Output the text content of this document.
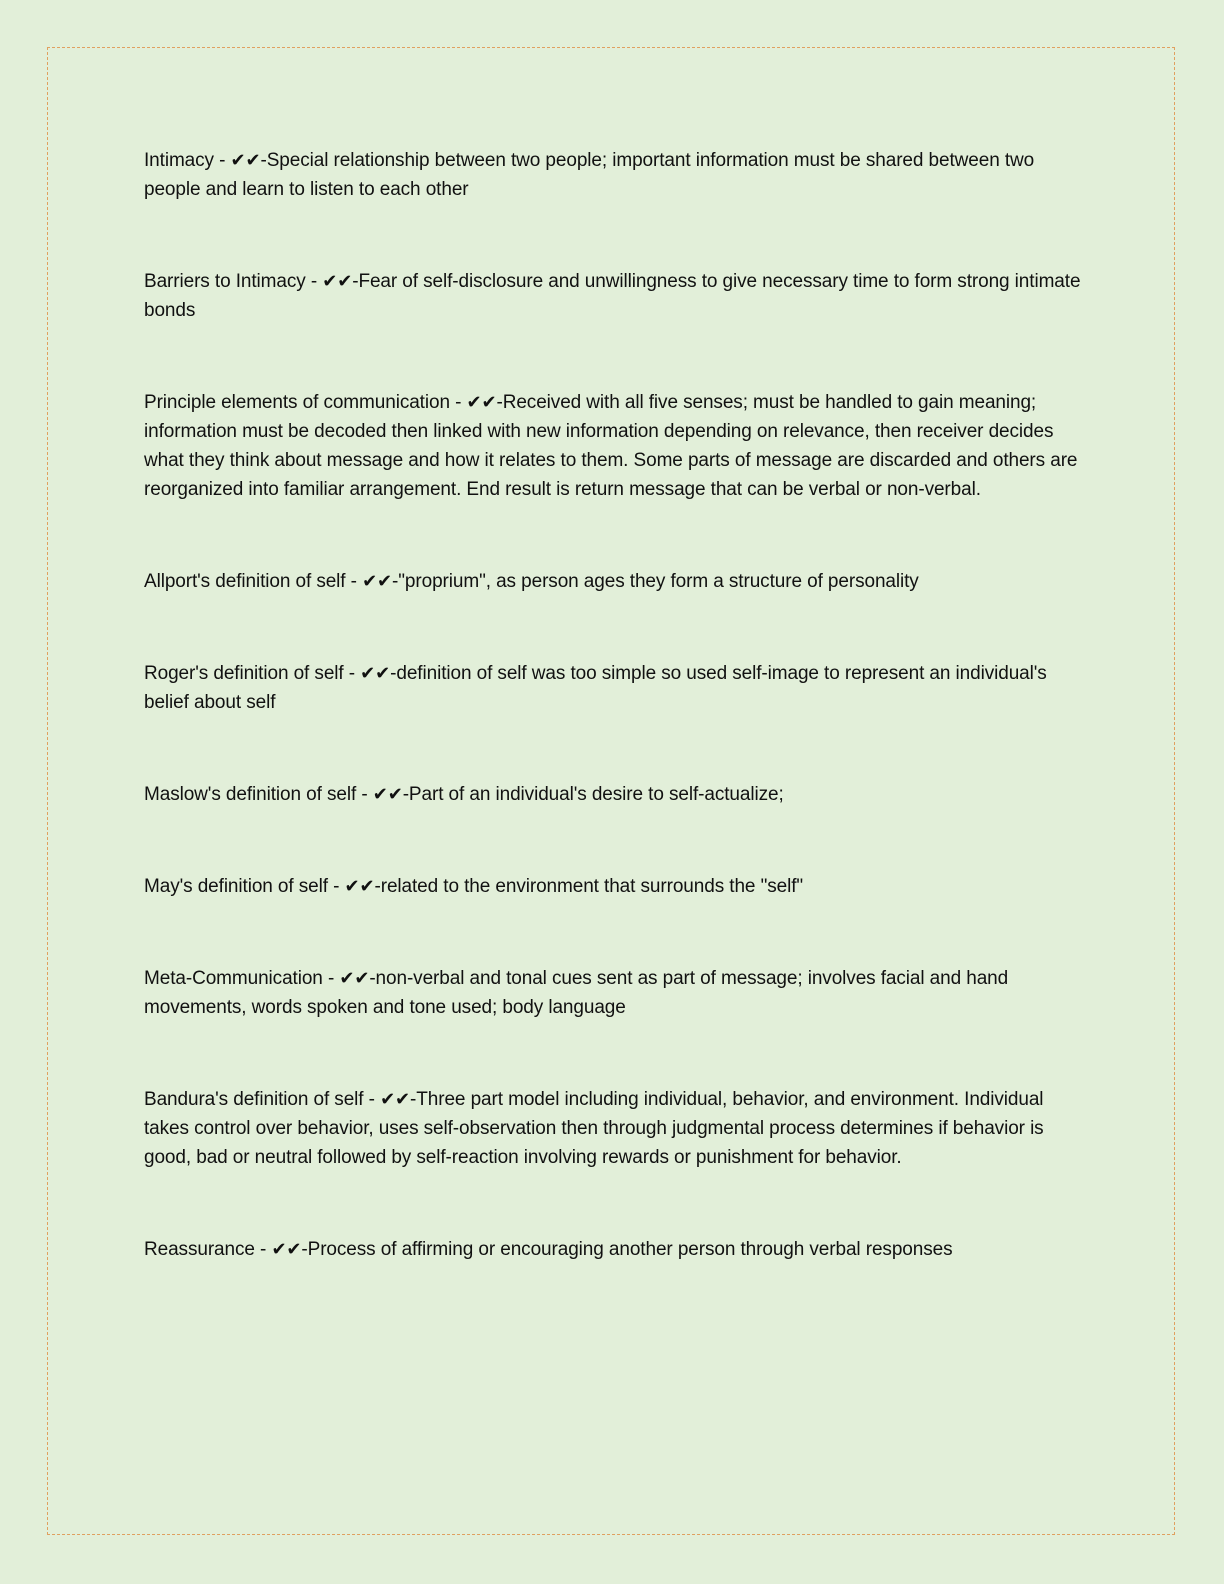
Intimacy - ✔✔-Special relationship between two people; important information must be shared between two people and learn to listen to each other

Barriers to Intimacy - ✔✔-Fear of self-disclosure and unwillingness to give necessary time to form strong intimate bonds

Principle elements of communication - ✔✔-Received with all five senses; must be handled to gain meaning; information must be decoded then linked with new information depending on relevance, then receiver decides what they think about message and how it relates to them. Some parts of message are discarded and others are reorganized into familiar arrangement. End result is return message that can be verbal or non-verbal.

Allport's definition of self - ✔✔-"proprium", as person ages they form a structure of personality

Roger's definition of self - ✔✔-definition of self was too simple so used self-image to represent an individual's belief about self

Maslow's definition of self - ✔✔-Part of an individual's desire to self-actualize;

May's definition of self - ✔✔-related to the environment that surrounds the "self"

Meta-Communication - ✔✔-non-verbal and tonal cues sent as part of message; involves facial and hand movements, words spoken and tone used; body language

Bandura's definition of self - ✔✔-Three part model including individual, behavior, and environment. Individual takes control over behavior, uses self-observation then through judgmental process determines if behavior is good, bad or neutral followed by self-reaction involving rewards or punishment for behavior.

Reassurance - ✔✔-Process of affirming or encouraging another person through verbal responses
